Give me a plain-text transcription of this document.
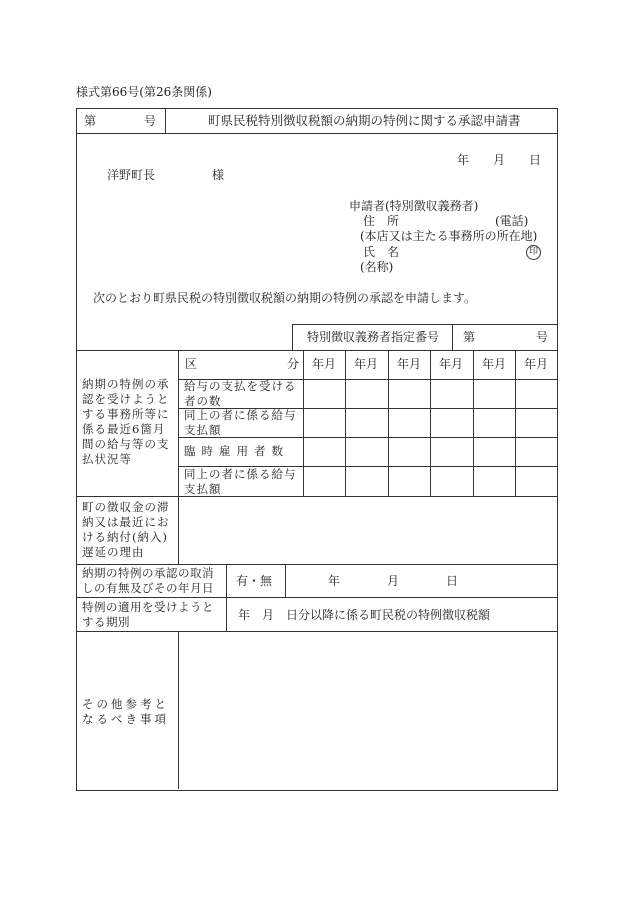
様式第66号(第26条関係)
第	号	町県民税特別徴収税額の納期の特例に関する承認申請書
年 月 日
洋野町長	様
申請者(特別徴収義務者)
住　所	(電話)
(本店又は主たる事務所の所在地)
氏　名	印
(名称)
次のとおり町県民税の特別徴収税額の納期の特例の承認を申請します。
特別徴収義務者指定番号 第	号
納期の特例の承認を受けようとする事務所等に係る最近6箇月間の給与等の支払状況等
区	分 年月 年月 年月 年月 年月 年月
給与の支払を受ける者の数
同上の者に係る給与支払額
臨時雇用者数
同上の者に係る給与支払額
町の徴収金の滞納又は最近における納付(納入)遅延の理由
納期の特例の承認の取消しの有無及びその年月日	有・無	年	月	日
特例の適用を受けようとする期別	年 月 日分以降に係る町民税の特例徴収税額
その他参考となるべき事項
